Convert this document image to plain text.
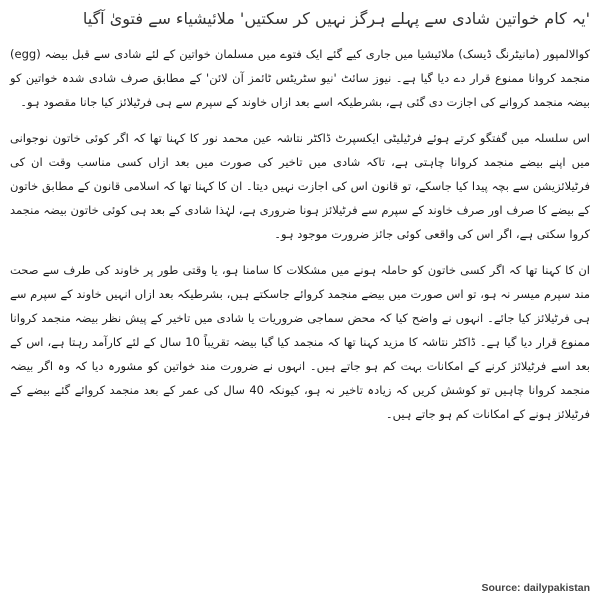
'یہ کام خواتین شادی سے پہلے ہرگز نہیں کر سکتیں' ملائیشیاء سے فتویٰ آگیا

کوالالمپور (مانیٹرنگ ڈیسک) ملائیشیا میں جاری کیے گئے ایک فتوے میں مسلمان خواتین کے لئے شادی سے قبل بیضہ (egg) منجمد کروانا ممنوع قرار دے دیا گیا ہے۔ نیوز سائٹ 'نیو سٹریٹس ٹائمز آن لائن' کے مطابق صرف شادی شدہ خواتین کو بیضہ منجمد کروانے کی اجازت دی گئی ہے، بشرطیکہ اسے بعد ازاں خاوند کے سپرم سے ہی فرٹیلائز کیا جانا مقصود ہو۔

اس سلسلہ میں گفتگو کرتے ہوئے فرٹیلیٹی ایکسپرٹ ڈاکٹر نتاشہ عین محمد نور کا کہنا تھا کہ اگر کوئی خاتون نوجوانی میں اپنے بیضے منجمد کروانا چاہتی ہے، تاکہ شادی میں تاخیر کی صورت میں بعد ازاں کسی مناسب وقت ان کی فرٹیلائزیشن سے بچہ پیدا کیا جاسکے، تو قانون اس کی اجازت نہیں دیتا۔ ان کا کہنا تھا کہ اسلامی قانون کے مطابق خاتون کے بیضے کا صرف اور صرف خاوند کے سپرم سے فرٹیلائز ہونا ضروری ہے، لہٰذا شادی کے بعد ہی کوئی خاتون بیضہ منجمد کروا سکتی ہے، اگر اس کی واقعی کوئی جائز ضرورت موجود ہو۔

ان کا کہنا تھا کہ اگر کسی خاتون کو حاملہ ہونے میں مشکلات کا سامنا ہو، یا وقتی طور پر خاوند کی طرف سے صحت مند سپرم میسر نہ ہو، تو اس صورت میں بیضے منجمد کروائے جاسکتے ہیں، بشرطیکہ بعد ازاں انہیں خاوند کے سپرم سے ہی فرٹیلائز کیا جائے۔ انہوں نے واضح کیا کہ محض سماجی ضروریات یا شادی میں تاخیر کے پیش نظر بیضہ منجمد کروانا ممنوع قرار دیا گیا ہے۔ ڈاکٹر نتاشہ کا مزید کہنا تھا کہ منجمد کیا گیا بیضہ تقریباً 10 سال کے لئے کارآمد رہتا ہے، اس کے بعد اسے فرٹیلائز کرنے کے امکانات بہت کم ہو جاتے ہیں۔ انہوں نے ضرورت مند خواتین کو مشورہ دیا کہ وہ اگر بیضہ منجمد کروانا چاہیں تو کوشش کریں کہ زیادہ تاخیر نہ ہو، کیونکہ 40 سال کی عمر کے بعد منجمد کروائے گئے بیضے کے فرٹیلائز ہونے کے امکانات کم ہو جاتے ہیں۔

Source: dailypakistan
